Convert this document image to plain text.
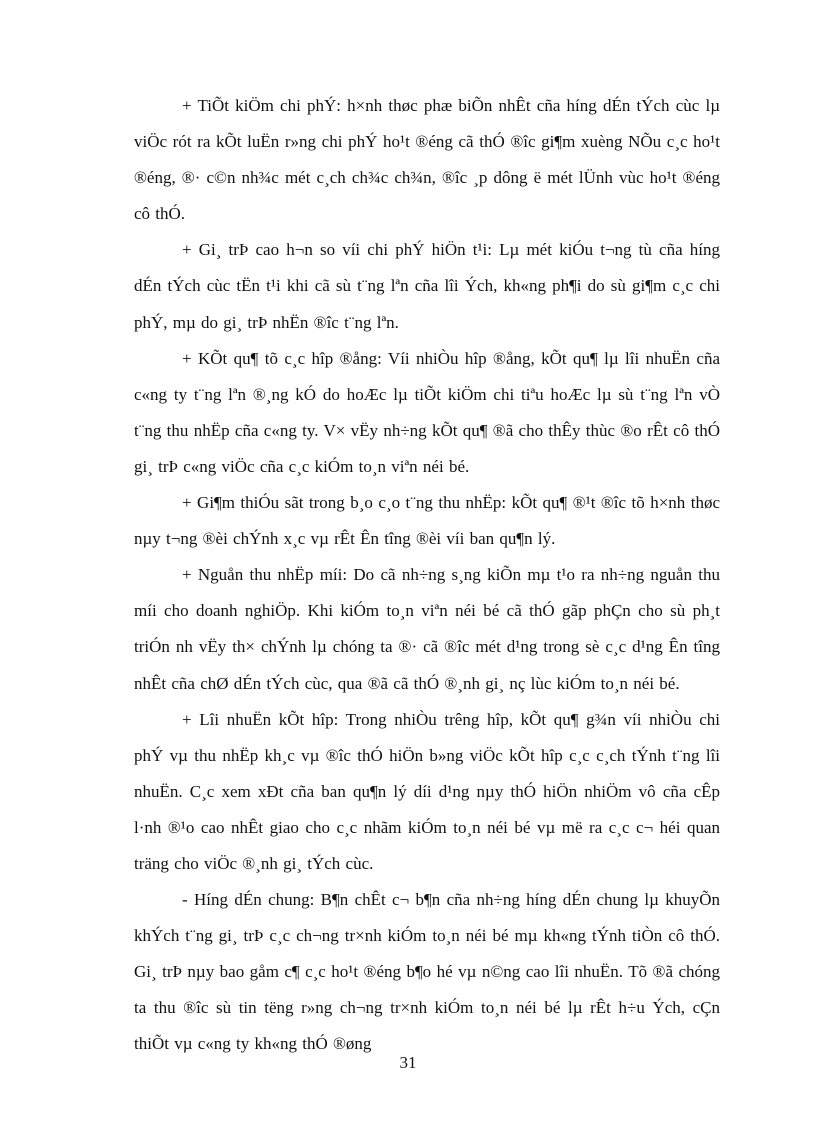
+ TiÕt kiÖm chi phÝ: h×nh thøc phæ biÕn nhÊt cña híng dÉn tÝch cùc lµ viÖc rót ra kÕt luËn r»ng chi phÝ ho¹t ®éng cã thÓ ®îc gi¶m xuèng NÕu c¸c ho¹t ®éng, ®· c©n nh¾c mét c¸ch ch¾c ch¾n, ®îc ¸p dông ë mét lÜnh vùc ho¹t ®éng cô thÓ.

+ Gi¸ trÞ cao h¬n so víi chi phÝ hiÖn t¹i: Lµ mét kiÓu t¬ng tù cña híng dÉn tÝch cùc tËn t¹i khi cã sù t¨ng lªn cña lîi Ých, kh«ng ph¶i do sù gi¶m c¸c chi phÝ, mµ do gi¸ trÞ nhËn ®îc t¨ng lªn.

+ KÕt qu¶ tõ c¸c hîp ®ång: Víi nhiÒu hîp ®ång, kÕt qu¶ lµ lîi nhuËn cña c«ng ty t¨ng lªn ®¸ng kÓ do hoÆc lµ tiÕt kiÖm chi tiªu hoÆc lµ sù t¨ng lªn vÒ t¨ng thu nhËp cña c«ng ty. V× vËy nh÷ng kÕt qu¶ ®ã cho thÊy thùc ®o rÊt cô thÓ gi¸ trÞ c«ng viÖc cña c¸c kiÓm to¸n viªn néi bé.

+ Gi¶m thiÓu sãt trong b¸o c¸o t¨ng thu nhËp: kÕt qu¶ ®¹t ®îc tõ h×nh thøc nµy t¬ng ®èi chÝnh x¸c vµ rÊt Ên tîng ®èi víi ban qu¶n lý.

+ Nguån thu nhËp míi: Do cã nh÷ng s¸ng kiÕn mµ t¹o ra nh÷ng nguån thu míi cho doanh nghiÖp. Khi kiÓm to¸n viªn néi bé cã thÓ gãp phÇn cho sù ph¸t triÓn nh vËy th× chÝnh lµ chóng ta ®· cã ®îc mét d¹ng trong sè c¸c d¹ng Ên tîng nhÊt cña chØ dÉn tÝch cùc, qua ®ã cã thÓ ®¸nh gi¸ nç lùc kiÓm to¸n néi bé.

+ Lîi nhuËn kÕt hîp: Trong nhiÒu trêng hîp, kÕt qu¶ g¾n víi nhiÒu chi phÝ vµ thu nhËp kh¸c vµ ®îc thÓ hiÖn b»ng viÖc kÕt hîp c¸c c¸ch tÝnh t¨ng lîi nhuËn. C¸c xem xÐt cña ban qu¶n lý díi d¹ng nµy thÓ hiÖn nhiÖm vô cña cÊp l·nh ®¹o cao nhÊt giao cho c¸c nhãm kiÓm to¸n néi bé vµ më ra c¸c c¬ héi quan träng cho viÖc ®¸nh gi¸ tÝch cùc.

- Híng dÉn chung: B¶n chÊt c¬ b¶n cña nh÷ng híng dÉn chung lµ khuyÕn khÝch t¨ng gi¸ trÞ c¸c ch¬ng tr×nh kiÓm to¸n néi bé mµ kh«ng tÝnh tiÒn cô thÓ. Gi¸ trÞ nµy bao gåm c¶ c¸c ho¹t ®éng b¶o hé vµ n©ng cao lîi nhuËn. Tõ ®ã chóng ta thu ®îc sù tin tëng r»ng ch¬ng tr×nh kiÓm to¸n néi bé lµ rÊt h÷u Ých, cÇn thiÕt vµ c«ng ty kh«ng thÓ ®øng

31
